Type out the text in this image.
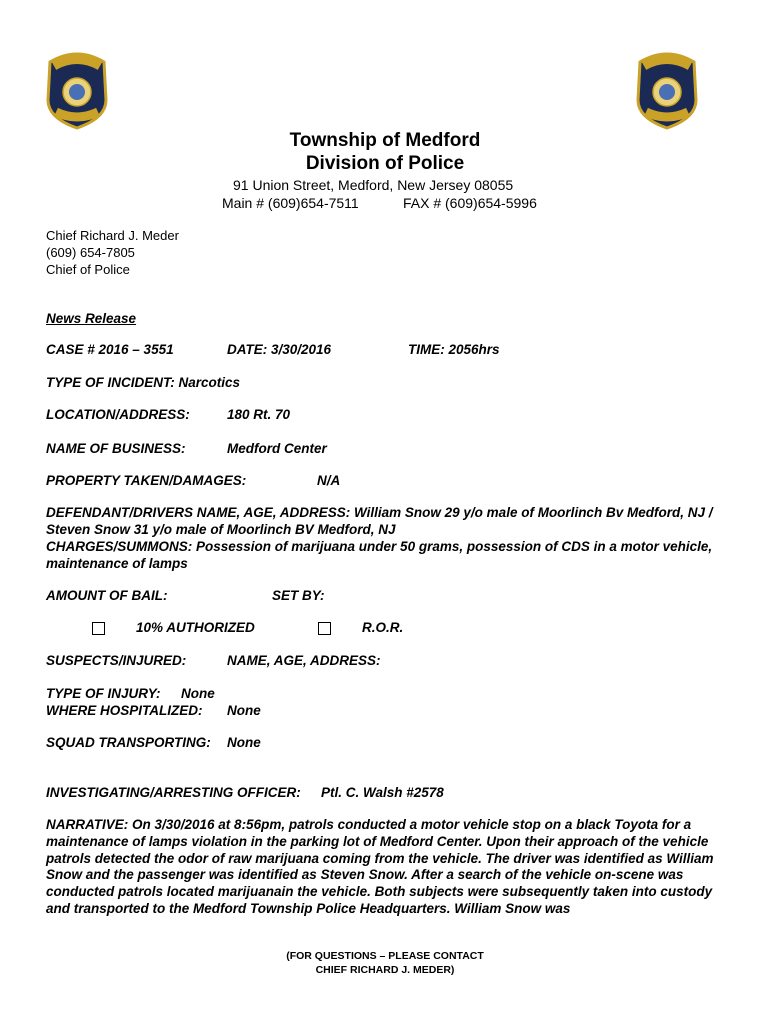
Township of Medford
Division of Police
91 Union Street, Medford, New Jersey 08055
Main # (609)654-7511	FAX # (609)654-5996
Chief Richard J. Meder
(609) 654-7805
Chief of Police
News Release
CASE # 2016 – 3551	DATE: 3/30/2016	TIME: 2056hrs
TYPE OF INCIDENT: Narcotics
LOCATION/ADDRESS:	180 Rt. 70
NAME OF BUSINESS:	Medford Center
PROPERTY TAKEN/DAMAGES:	N/A
DEFENDANT/DRIVERS NAME, AGE, ADDRESS: William Snow 29 y/o male of Moorlinch Bv Medford, NJ / Steven Snow 31 y/o male of Moorlinch BV Medford, NJ
CHARGES/SUMMONS: Possession of marijuana under 50 grams, possession of CDS in a motor vehicle, maintenance of lamps
AMOUNT OF BAIL:	SET BY:
10% AUTHORIZED	R.O.R.
SUSPECTS/INJURED:	NAME, AGE, ADDRESS:
TYPE OF INJURY: None
WHERE HOSPITALIZED: None
SQUAD TRANSPORTING: None
INVESTIGATING/ARRESTING OFFICER: Ptl. C. Walsh #2578
NARRATIVE: On 3/30/2016 at 8:56pm, patrols conducted a motor vehicle stop on a black Toyota for a maintenance of lamps violation in the parking lot of Medford Center. Upon their approach of the vehicle patrols detected the odor of raw marijuana coming from the vehicle. The driver was identified as William Snow and the passenger was identified as Steven Snow. After a search of the vehicle on-scene was conducted patrols located marijuanain the vehicle. Both subjects were subsequently taken into custody and transported to the Medford Township Police Headquarters. William Snow was
(FOR QUESTIONS – PLEASE CONTACT
CHIEF RICHARD J. MEDER)
